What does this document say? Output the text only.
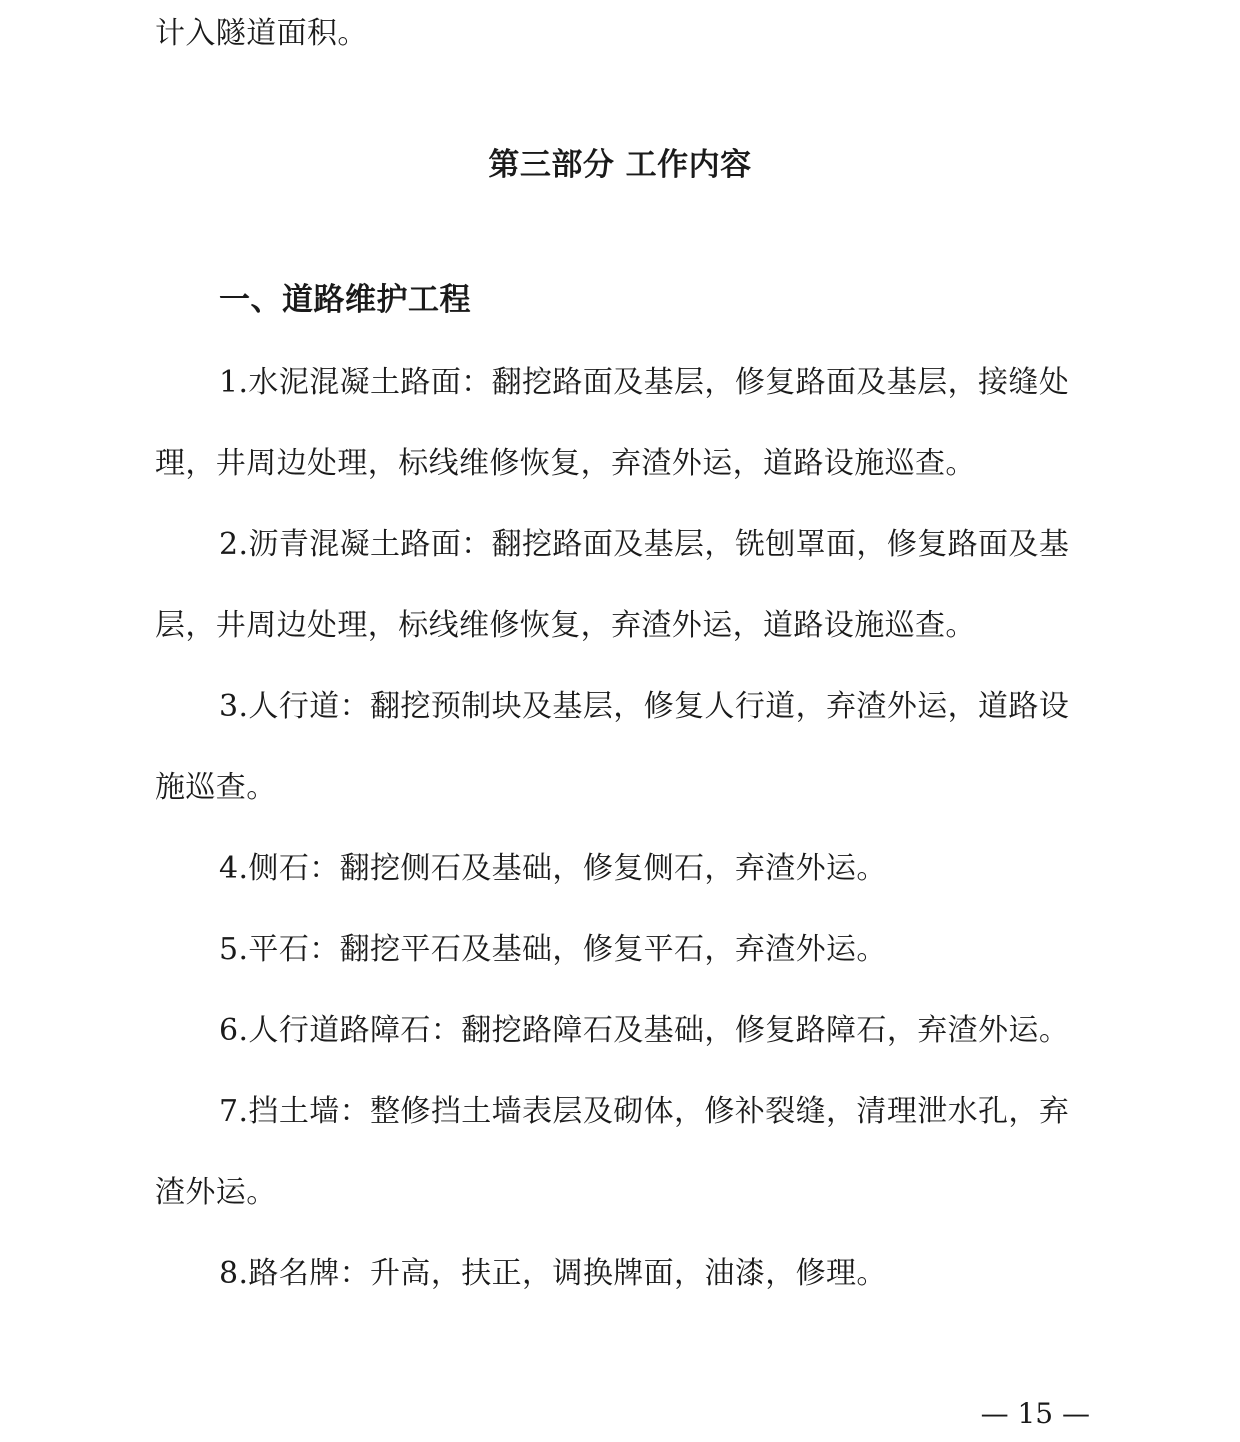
计入隧道面积。

第三部分 工作内容
一、道路维护工程

1.水泥混凝土路面：翻挖路面及基层，修复路面及基层，接缝处理，井周边处理，标线维修恢复，弃渣外运，道路设施巡查。

2.沥青混凝土路面：翻挖路面及基层，铣刨罩面，修复路面及基层，井周边处理，标线维修恢复，弃渣外运，道路设施巡查。

3.人行道：翻挖预制块及基层，修复人行道，弃渣外运，道路设施巡查。

4.侧石：翻挖侧石及基础，修复侧石，弃渣外运。

5.平石：翻挖平石及基础，修复平石，弃渣外运。

6.人行道路障石：翻挖路障石及基础，修复路障石，弃渣外运。

7.挡土墙：整修挡土墙表层及砌体，修补裂缝，清理泄水孔，弃渣外运。

8.路名牌：升高，扶正，调换牌面，油漆，修理。

— 15 —
